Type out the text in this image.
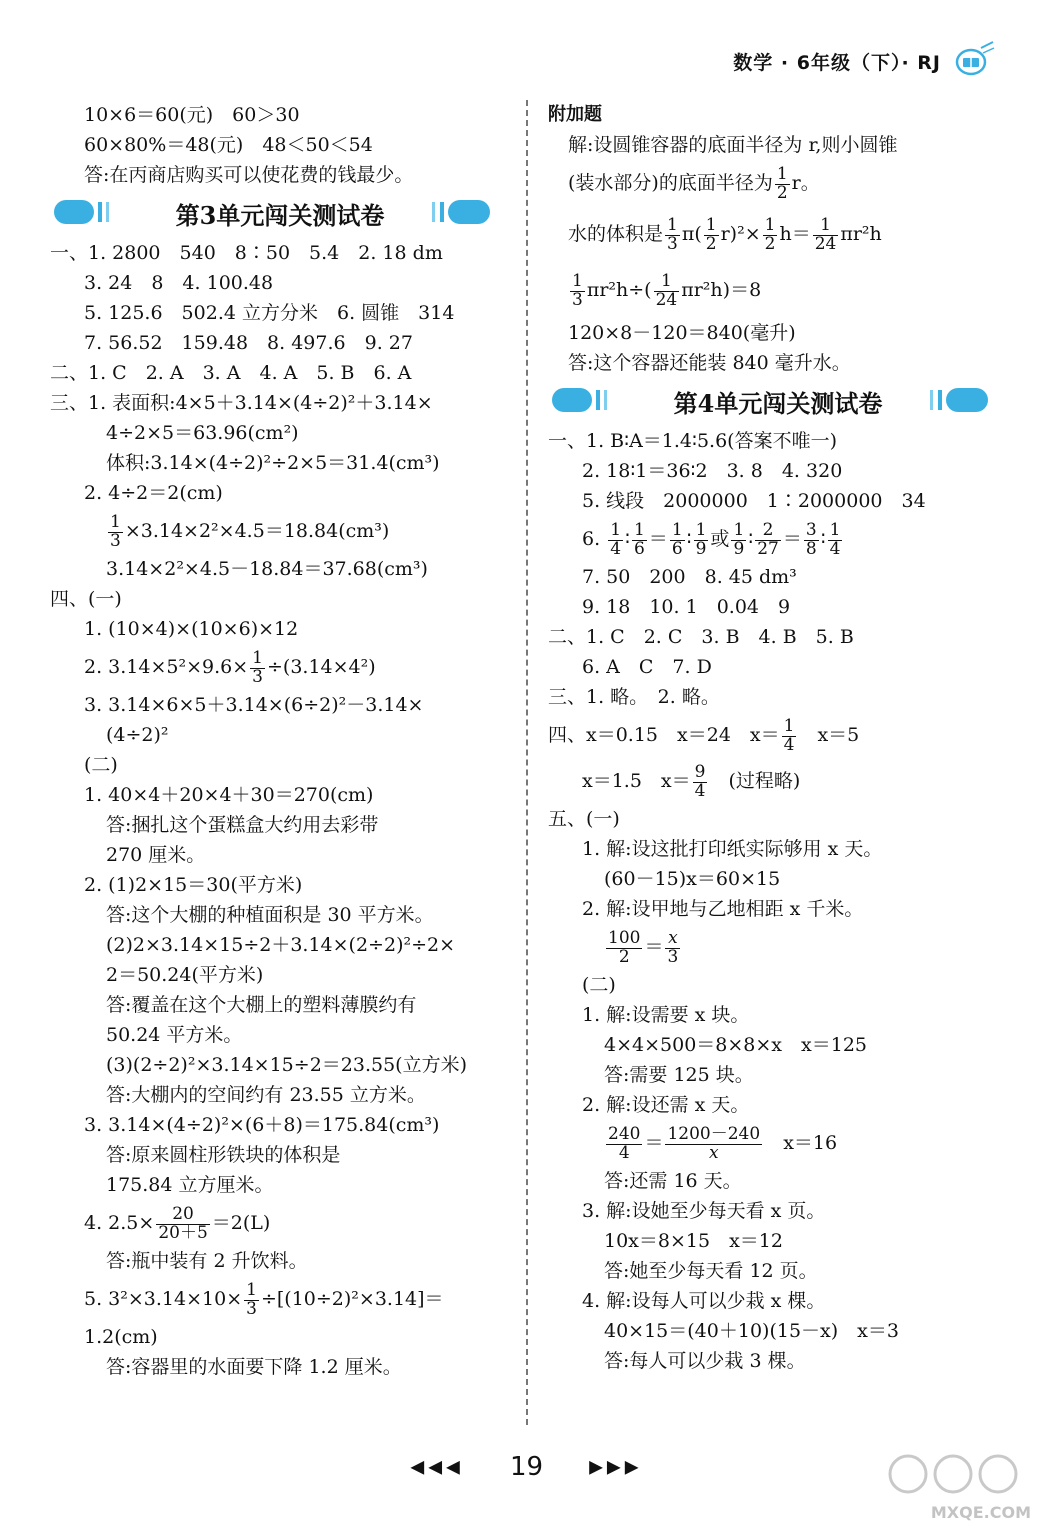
数学 · 6年级（下）· RJ
10×6＝60(元)　60＞30
60×80%＝48(元)　48＜50＜54
答:在丙商店购买可以使花费的钱最少。
第3单元闯关测试卷
一、1. 2800　540　8∶50　5.4　2. 18 dm
3. 24　8　4. 100.48
5. 125.6　502.4 立方分米　6. 圆锥　314
7. 56.52　159.48　8. 497.6　9. 27
二、1. C　2. A　3. A　4. A　5. B　6. A
三、1. 表面积:4×5＋3.14×(4÷2)²＋3.14×
4÷2×5＝63.96(cm²)
体积:3.14×(4÷2)²÷2×5＝31.4(cm³)
2. 4÷2＝2(cm)
$\frac{1}{3} \times 3.14\times 2^2\times 4.5=18.84(cm^3)$
3.14×2²×4.5－18.84＝37.68(cm³)
四、(一)
1. (10×4)×(10×6)×12
2. $3.14\times 5^2\times 9.6\times \frac{1}{3} \div(3.14\times 4^2)$
3. 3.14×6×5＋3.14×(6÷2)²－3.14×
(4÷2)²
(二)
1. 40×4＋20×4＋30＝270(cm)
答:捆扎这个蛋糕盒大约用去彩带
270 厘米。
2. (1)2×15＝30(平方米)
答:这个大棚的种植面积是 30 平方米。
(2)2×3.14×15÷2＋3.14×(2÷2)²÷2×
2＝50.24(平方米)
答:覆盖在这个大棚上的塑料薄膜约有
50.24 平方米。
(3)(2÷2)²×3.14×15÷2＝23.55(立方米)
答:大棚内的空间约有 23.55 立方米。
3. 3.14×(4÷2)²×(6＋8)＝175.84(cm³)
答:原来圆柱形铁块的体积是
175.84 立方厘米。
4. $2.5\times \frac{20}{20+5} =2(L)$
答:瓶中装有 2 升饮料。
5. $3^2\times 3.14\times 10\times \frac{1}{3} \div[(10\div 2)^2\times 3.14]=$
1.2(cm)
答:容器里的水面要下降 1.2 厘米。
附加题
解:设圆锥容器的底面半径为 r,则小圆锥
(装水部分)的底面半径为 $\frac{1}{2}$ r。
水的体积是 $\frac{1}{3} \pi( \frac{1}{2} r)^2\times \frac{1}{2} h= \frac{1}{24} \pi r^2h$
$\frac{1}{3} \pi r^2h\div( \frac{1}{24} \pi r^2h)=8$
120×8－120＝840(毫升)
答:这个容器还能装 840 毫升水。
第4单元闯关测试卷
一、1. B∶A＝1.4∶5.6(答案不唯一)
2. 18∶1＝36∶2　3. 8　4. 320
5. 线段　2000000　1∶2000000　34
6. $\frac{1}{4}$ ∶ $\frac{1}{6} = \frac{1}{6}$ ∶ $\frac{1}{9}$ 或 $\frac{1}{9}$ ∶ $\frac{2}{27} = \frac{3}{8}$ ∶ $\frac{1}{4}$
7. 50　200　8. 45 dm³
9. 18　10. 1　0.04　9
二、1. C　2. C　3. B　4. B　5. B
6. A　C　7. D
三、1. 略。　2. 略。
四、x＝0.15　x＝24　$x= \frac{1}{4}$ 　x＝5
x＝1.5　$x= \frac{9}{4}$ 　(过程略)
五、(一)
1. 解:设这批打印纸实际够用 x 天。
(60－15)x＝60×15
2. 解:设甲地与乙地相距 x 千米。
$\frac{100}{2} = \frac{x}{3}$
(二)
1. 解:设需要 x 块。
4×4×500＝8×8×x　x＝125
答:需要 125 块。
2. 解:设还需 x 天。
$\frac{240}{4} = \frac{1200-240}{x}$ 　x＝16
答:还需 16 天。
3. 解:设她至少每天看 x 页。
10x＝8×15　x＝12
答:她至少每天看 12 页。
4. 解:设每人可以少栽 x 棵。
40×15＝(40＋10)(15－x)　x＝3
答:每人可以少栽 3 棵。
◀◀◀ 19	▶▶▶
MXQE.COM
